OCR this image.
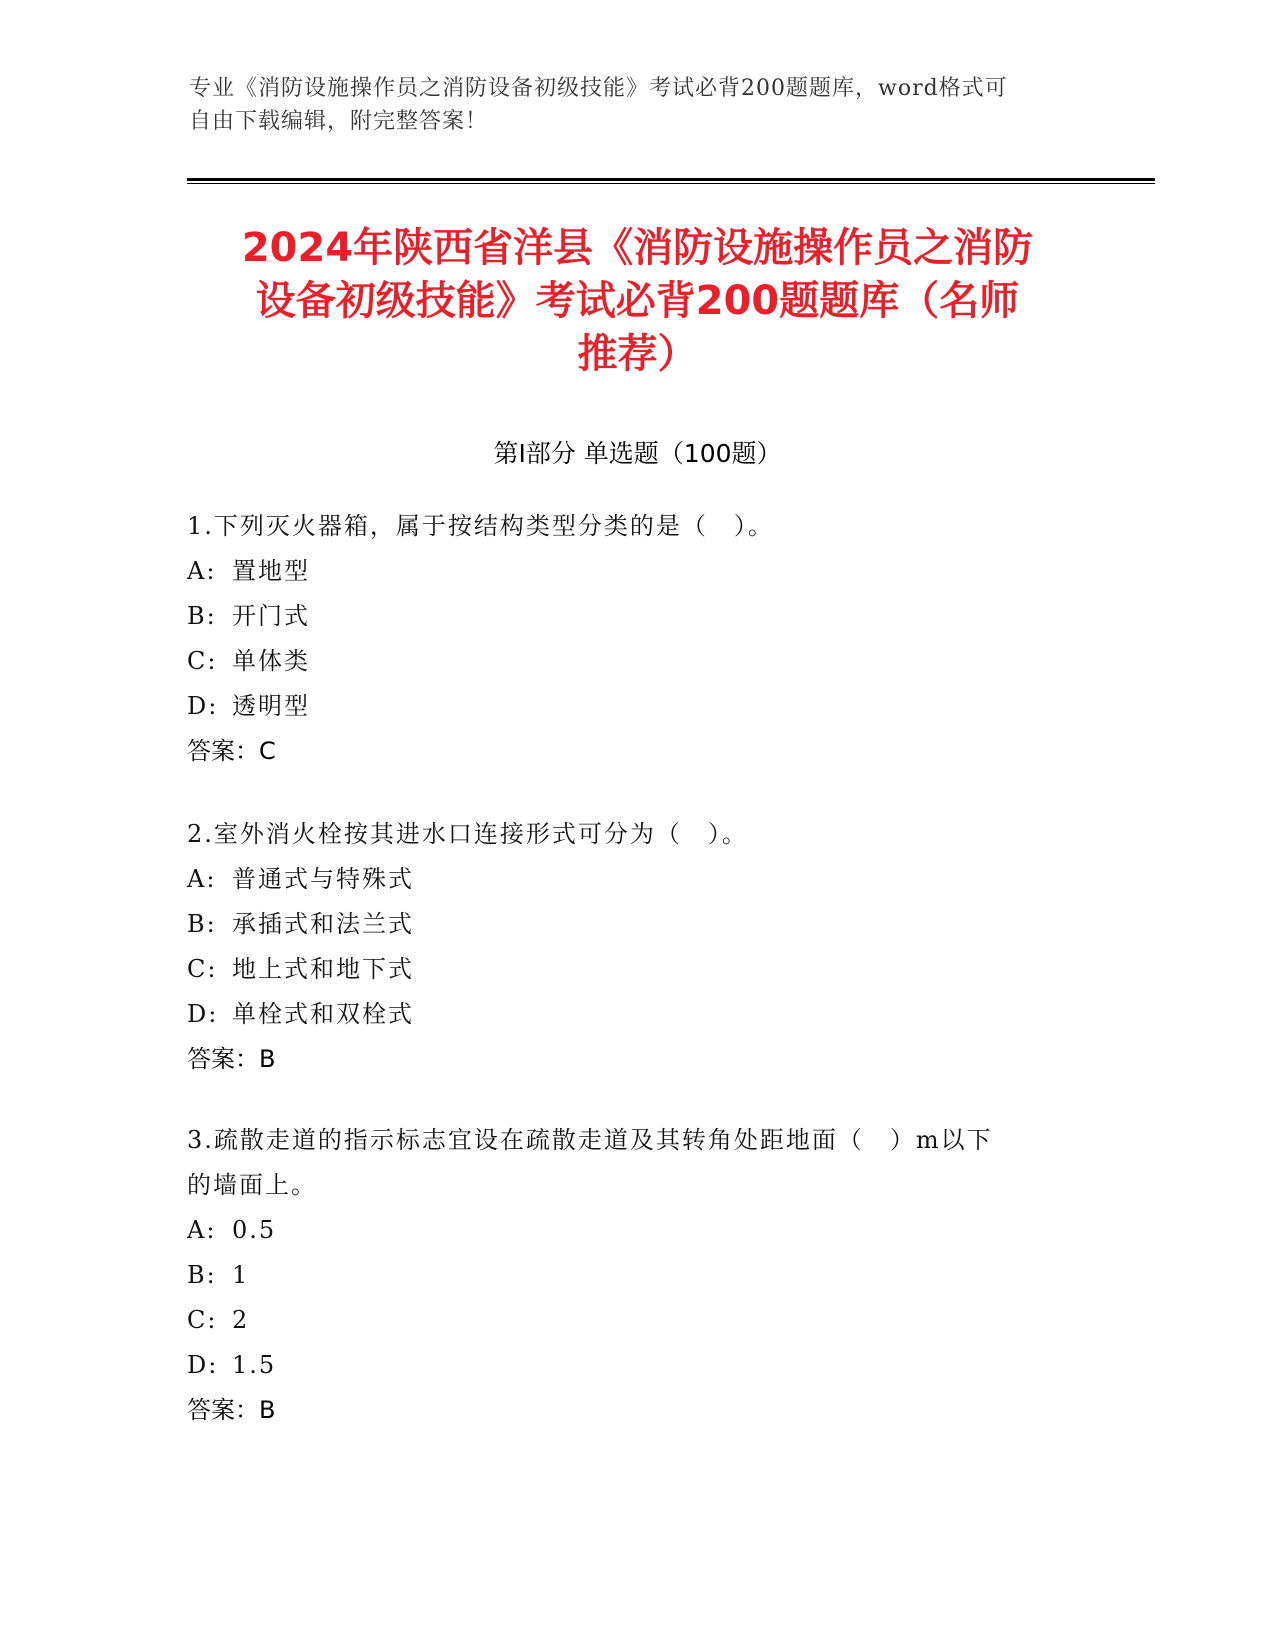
专业《消防设施操作员之消防设备初级技能》考试必背200题题库，word格式可
自由下载编辑，附完整答案！
2024年陕西省洋县《消防设施操作员之消防
设备初级技能》考试必背200题题库（名师
推荐）
第Ⅰ部分 单选题（100题）
1.下列灭火器箱，属于按结构类型分类的是（　）。
A: 置地型
B: 开门式
C: 单体类
D: 透明型
答案：C
2.室外消火栓按其进水口连接形式可分为（　）。
A: 普通式与特殊式
B: 承插式和法兰式
C: 地上式和地下式
D: 单栓式和双栓式
答案：B
3.疏散走道的指示标志宜设在疏散走道及其转角处距地面（　）m以下
的墙面上。
A: 0.5
B: 1
C: 2
D: 1.5
答案：B
